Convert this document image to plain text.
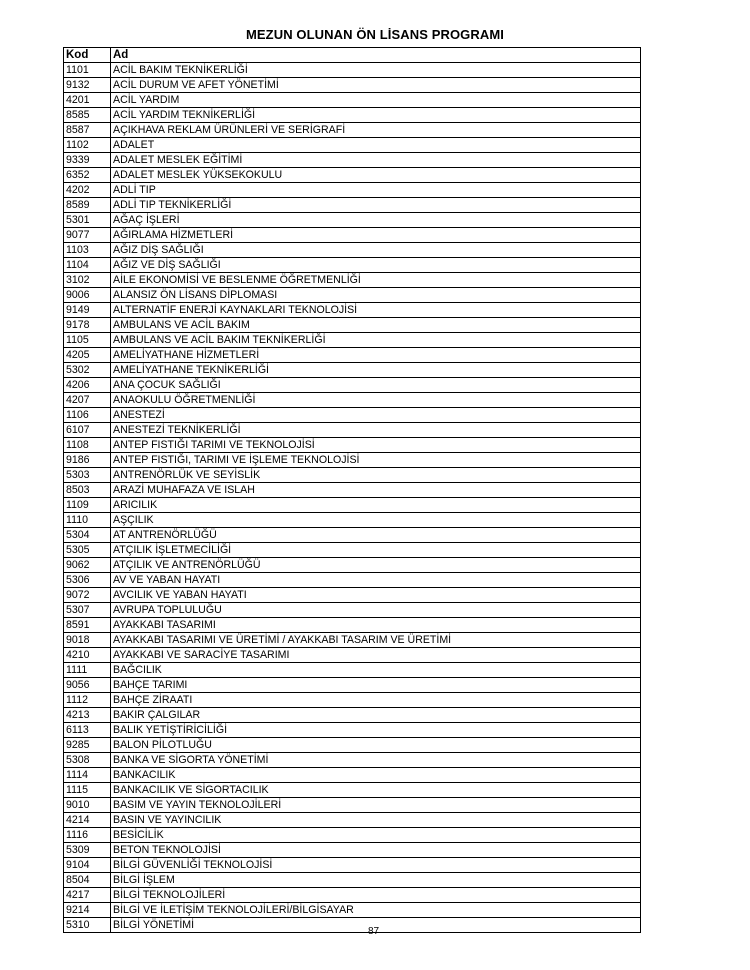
MEZUN OLUNAN ÖN LİSANS PROGRAMI
Kod	Ad
1101	ACİL BAKIM TEKNİKERLİĞİ
9132	ACİL DURUM VE AFET YÖNETİMİ
4201	ACİL YARDIM
8585	ACİL YARDIM TEKNİKERLİĞİ
8587	AÇIKHAVA REKLAM ÜRÜNLERİ VE SERİGRAFİ
1102	ADALET
9339	ADALET MESLEK EĞİTİMİ
6352	ADALET MESLEK YÜKSEKOKULU
4202	ADLİ TIP
8589	ADLİ TIP TEKNİKERLİĞİ
5301	AĞAÇ İŞLERİ
9077	AĞIRLAMA HİZMETLERİ
1103	AĞIZ DİŞ SAĞLIĞI
1104	AĞIZ VE DİŞ SAĞLIĞI
3102	AİLE EKONOMİSİ VE BESLENME ÖĞRETMENLİĞİ
9006	ALANSIZ ÖN LİSANS DİPLOMASI
9149	ALTERNATİF ENERJİ KAYNAKLARI TEKNOLOJİSİ
9178	AMBULANS VE ACİL BAKIM
1105	AMBULANS VE ACİL BAKIM TEKNİKERLİĞİ
4205	AMELİYATHANE HİZMETLERİ
5302	AMELİYATHANE TEKNİKERLİĞİ
4206	ANA ÇOCUK SAĞLIĞI
4207	ANAOKULU ÖĞRETMENLİĞİ
1106	ANESTEZİ
6107	ANESTEZİ TEKNİKERLİĞİ
1108	ANTEP FISTIĞI TARIMI VE TEKNOLOJİSİ
9186	ANTEP FISTIĞI, TARIMI VE İŞLEME TEKNOLOJİSİ
5303	ANTRENÖRLÜK VE SEYİSLİK
8503	ARAZİ MUHAFAZA VE ISLAH
1109	ARICILIK
1110	AŞÇILIK
5304	AT ANTRENÖRLÜĞÜ
5305	ATÇILIK İŞLETMECİLİĞİ
9062	ATÇILIK VE ANTRENÖRLÜĞÜ
5306	AV VE YABAN HAYATI
9072	AVCILIK VE YABAN HAYATI
5307	AVRUPA TOPLULUĞU
8591	AYAKKABI TASARIMI
9018	AYAKKABI TASARIMI VE ÜRETİMİ / AYAKKABI TASARIM VE ÜRETİMİ
4210	AYAKKABI VE SARACİYE TASARIMI
1111	BAĞCILIK
9056	BAHÇE TARIMI
1112	BAHÇE ZİRAATI
4213	BAKIR ÇALGILAR
6113	BALIK YETİŞTİRİCİLİĞİ
9285	BALON PİLOTLUĞU
5308	BANKA VE SİGORTA YÖNETİMİ
1114	BANKACILIK
1115	BANKACILIK VE SİGORTACILIK
9010	BASIM VE YAYIN TEKNOLOJİLERİ
4214	BASIN VE YAYINCILIK
1116	BESİCİLİK
5309	BETON TEKNOLOJİSİ
9104	BİLGİ GÜVENLİĞİ TEKNOLOJİSİ
8504	BİLGİ İŞLEM
4217	BİLGİ TEKNOLOJİLERİ
9214	BİLGİ VE İLETİŞİM TEKNOLOJİLERİ/BİLGİSAYAR
5310	BİLGİ YÖNETİMİ
87
